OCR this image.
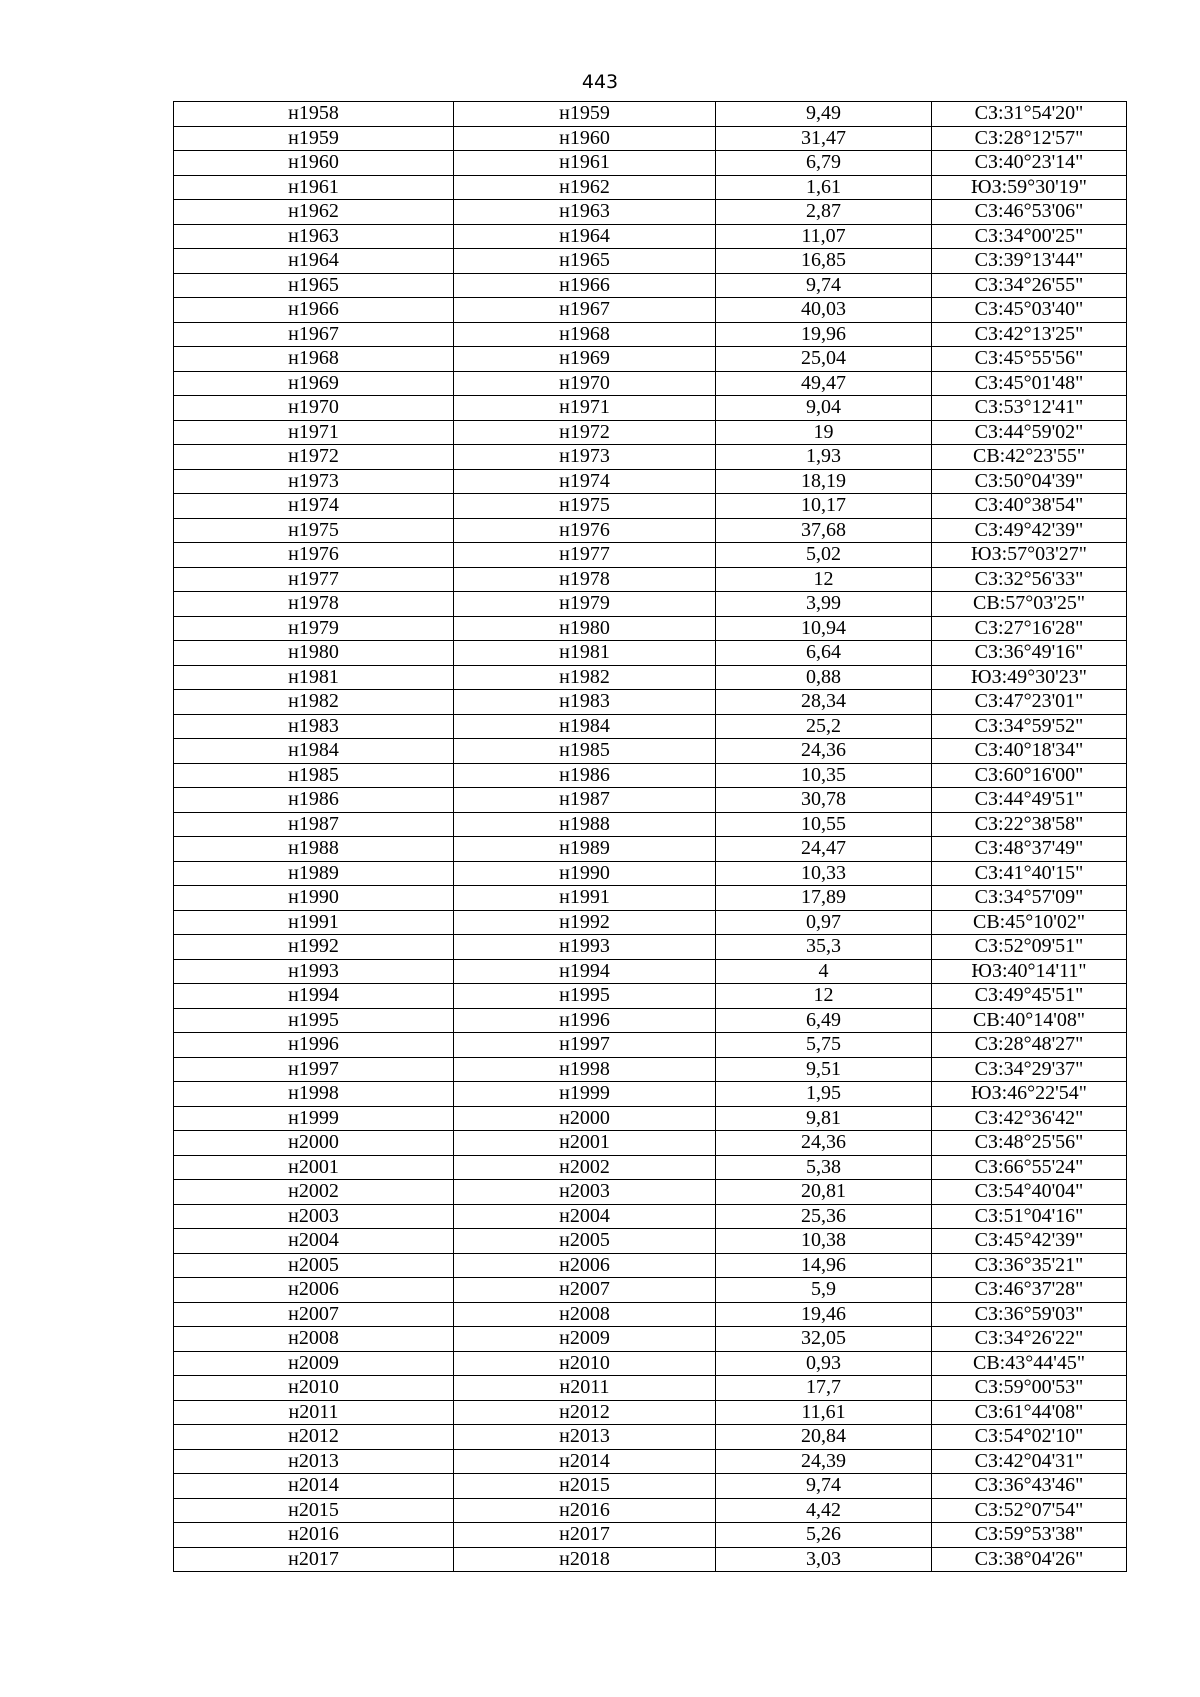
443
н1958	н1959	9,49	СЗ:31°54'20"
н1959	н1960	31,47	СЗ:28°12'57"
н1960	н1961	6,79	СЗ:40°23'14"
н1961	н1962	1,61	ЮЗ:59°30'19"
н1962	н1963	2,87	СЗ:46°53'06"
н1963	н1964	11,07	СЗ:34°00'25"
н1964	н1965	16,85	СЗ:39°13'44"
н1965	н1966	9,74	СЗ:34°26'55"
н1966	н1967	40,03	СЗ:45°03'40"
н1967	н1968	19,96	СЗ:42°13'25"
н1968	н1969	25,04	СЗ:45°55'56"
н1969	н1970	49,47	СЗ:45°01'48"
н1970	н1971	9,04	СЗ:53°12'41"
н1971	н1972	19	СЗ:44°59'02"
н1972	н1973	1,93	СВ:42°23'55"
н1973	н1974	18,19	СЗ:50°04'39"
н1974	н1975	10,17	СЗ:40°38'54"
н1975	н1976	37,68	СЗ:49°42'39"
н1976	н1977	5,02	ЮЗ:57°03'27"
н1977	н1978	12	СЗ:32°56'33"
н1978	н1979	3,99	СВ:57°03'25"
н1979	н1980	10,94	СЗ:27°16'28"
н1980	н1981	6,64	СЗ:36°49'16"
н1981	н1982	0,88	ЮЗ:49°30'23"
н1982	н1983	28,34	СЗ:47°23'01"
н1983	н1984	25,2	СЗ:34°59'52"
н1984	н1985	24,36	СЗ:40°18'34"
н1985	н1986	10,35	СЗ:60°16'00"
н1986	н1987	30,78	СЗ:44°49'51"
н1987	н1988	10,55	СЗ:22°38'58"
н1988	н1989	24,47	СЗ:48°37'49"
н1989	н1990	10,33	СЗ:41°40'15"
н1990	н1991	17,89	СЗ:34°57'09"
н1991	н1992	0,97	СВ:45°10'02"
н1992	н1993	35,3	СЗ:52°09'51"
н1993	н1994	4	ЮЗ:40°14'11"
н1994	н1995	12	СЗ:49°45'51"
н1995	н1996	6,49	СВ:40°14'08"
н1996	н1997	5,75	СЗ:28°48'27"
н1997	н1998	9,51	СЗ:34°29'37"
н1998	н1999	1,95	ЮЗ:46°22'54"
н1999	н2000	9,81	СЗ:42°36'42"
н2000	н2001	24,36	СЗ:48°25'56"
н2001	н2002	5,38	СЗ:66°55'24"
н2002	н2003	20,81	СЗ:54°40'04"
н2003	н2004	25,36	СЗ:51°04'16"
н2004	н2005	10,38	СЗ:45°42'39"
н2005	н2006	14,96	СЗ:36°35'21"
н2006	н2007	5,9	СЗ:46°37'28"
н2007	н2008	19,46	СЗ:36°59'03"
н2008	н2009	32,05	СЗ:34°26'22"
н2009	н2010	0,93	СВ:43°44'45"
н2010	н2011	17,7	СЗ:59°00'53"
н2011	н2012	11,61	СЗ:61°44'08"
н2012	н2013	20,84	СЗ:54°02'10"
н2013	н2014	24,39	СЗ:42°04'31"
н2014	н2015	9,74	СЗ:36°43'46"
н2015	н2016	4,42	СЗ:52°07'54"
н2016	н2017	5,26	СЗ:59°53'38"
н2017	н2018	3,03	СЗ:38°04'26"
